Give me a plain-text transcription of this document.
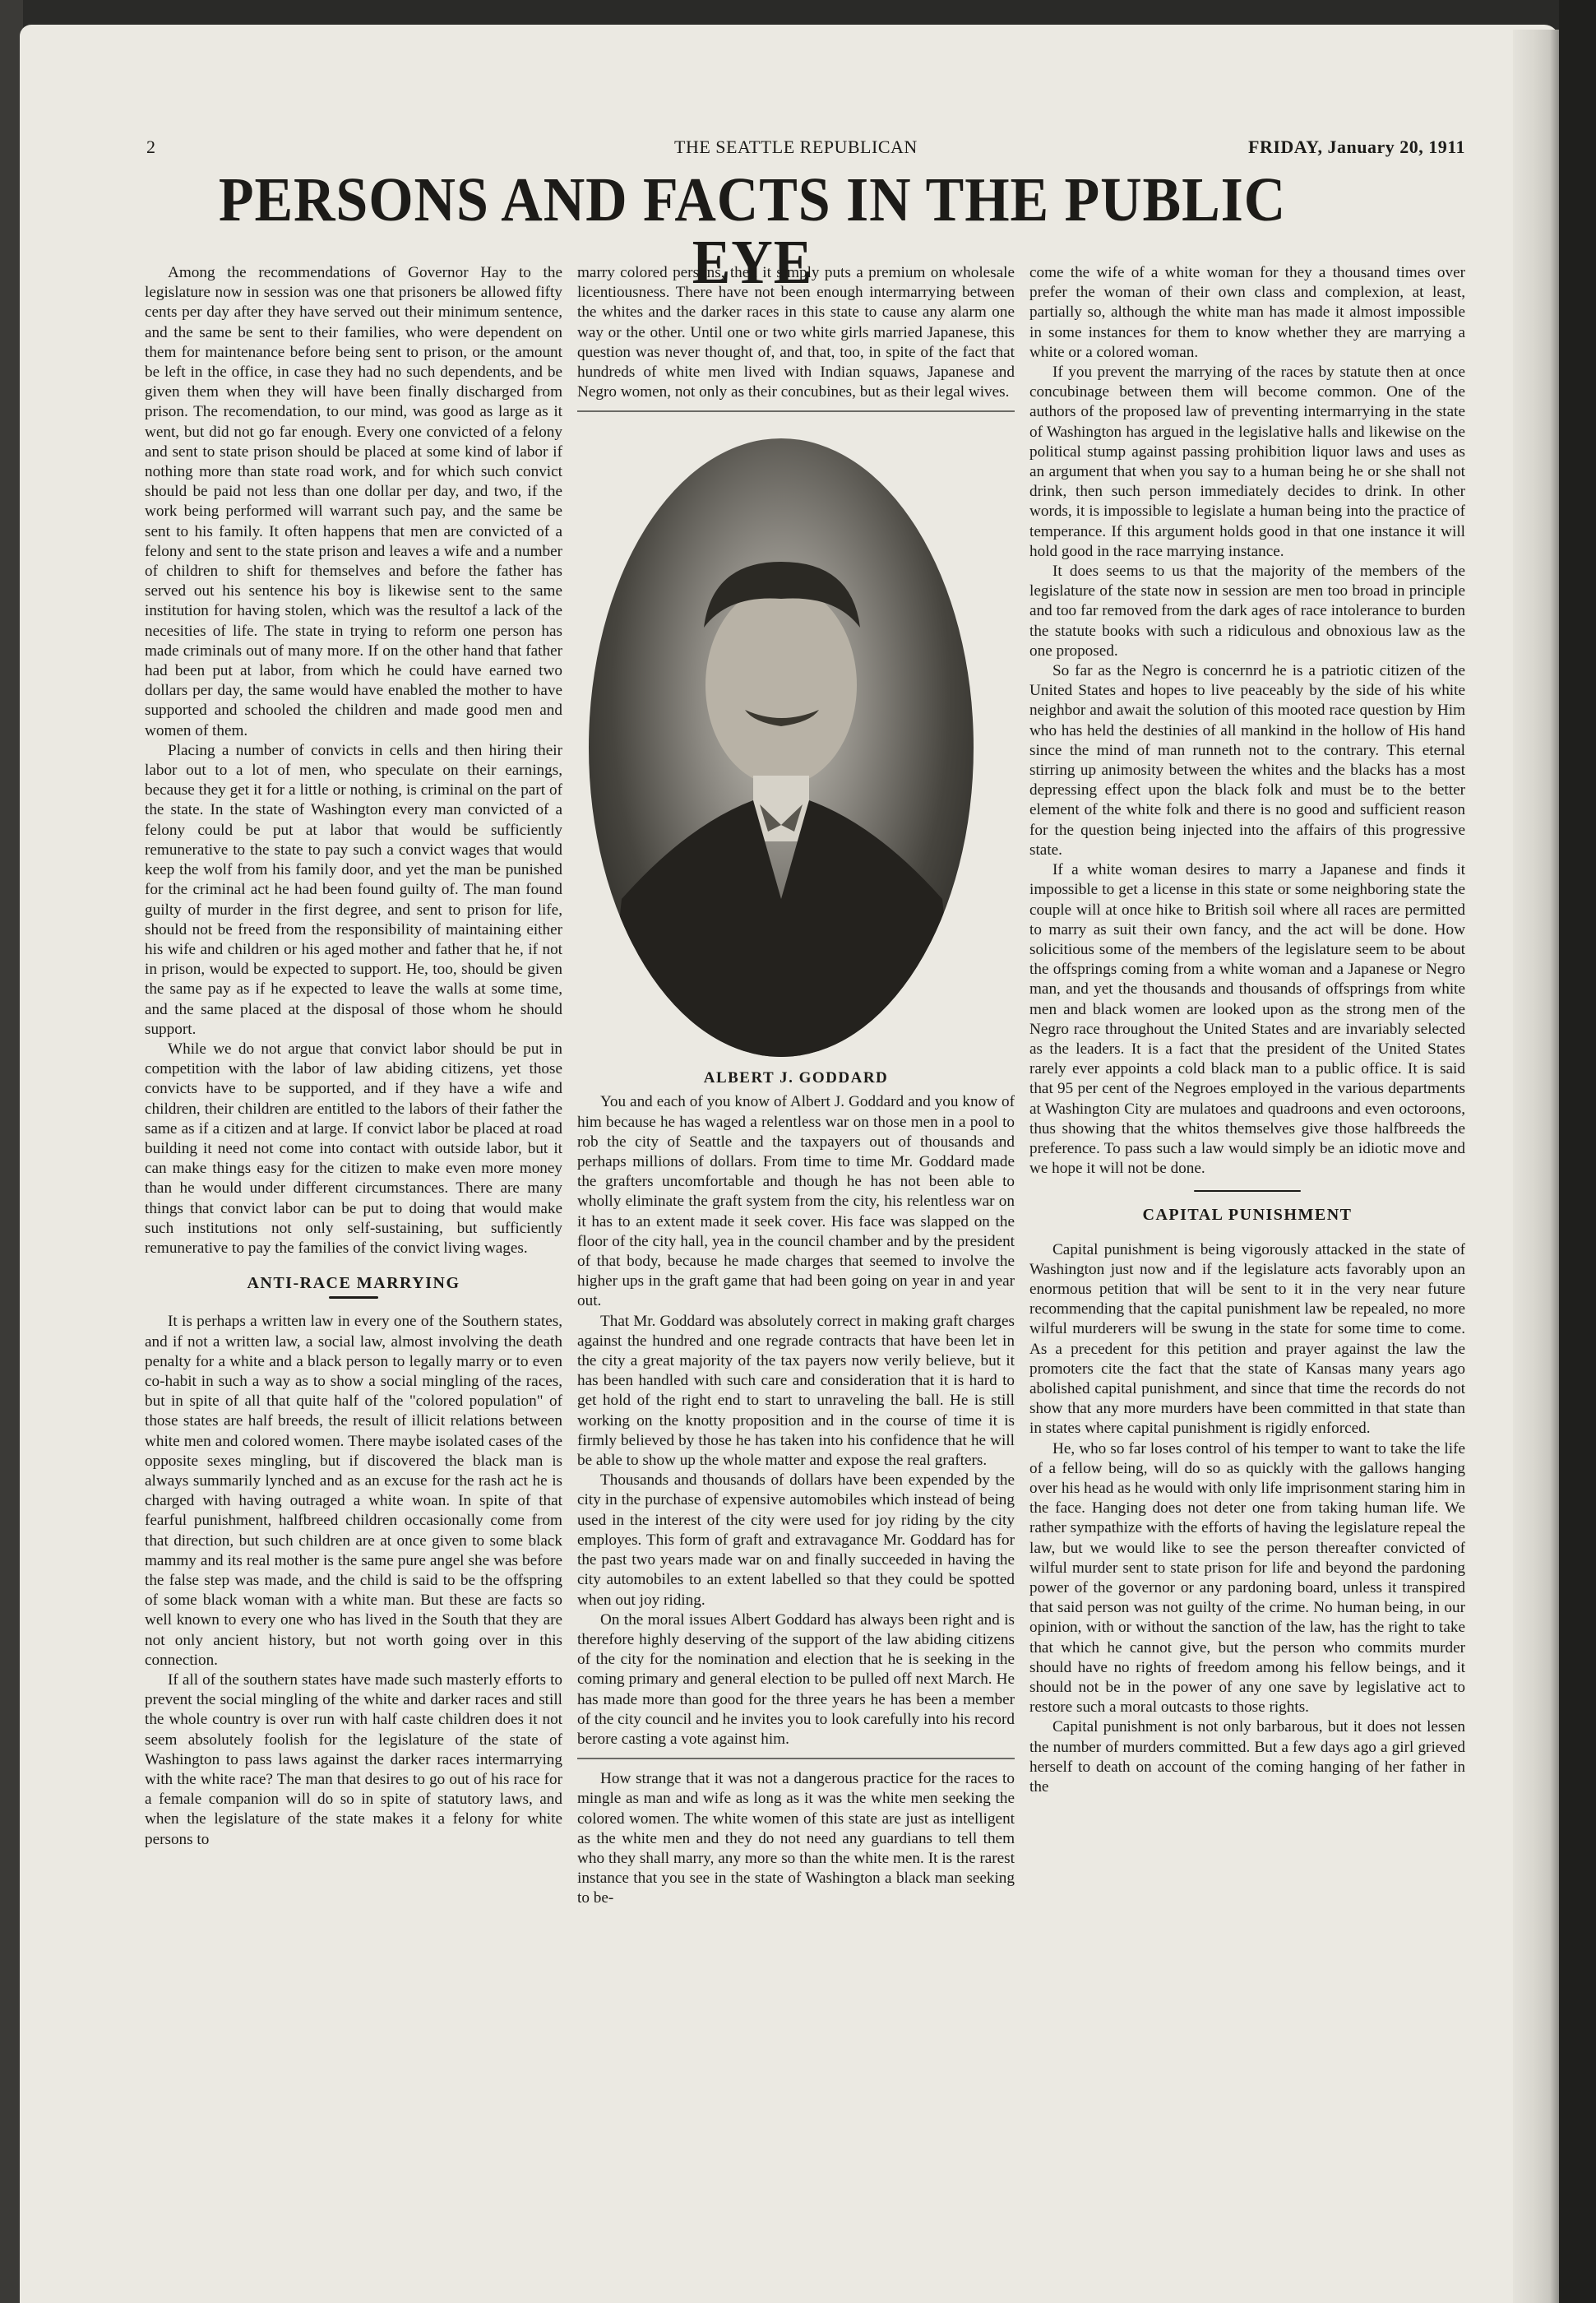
2	THE SEATTLE REPUBLICAN	FRIDAY, January 20, 1911
PERSONS AND FACTS IN THE PUBLIC EYE

Among the recommendations of Governor Hay to the legislature now in session was one that prisoners be allowed fifty cents per day after they have served out their minimum sentence, and the same be sent to their families, who were dependent on them for maintenance before being sent to prison, or the amount be left in the office, in case they had no such dependents, and be given them when they will have been finally discharged from prison. The recomendation, to our mind, was good as large as it went, but did not go far enough. Every one convicted of a felony and sent to state prison should be placed at some kind of labor if nothing more than state road work, and for which such convict should be paid not less than one dollar per day, and two, if the work being performed will warrant such pay, and the same be sent to his family. It often happens that men are convicted of a felony and sent to the state prison and leaves a wife and a number of children to shift for themselves and before the father has served out his sentence his boy is likewise sent to the same institution for having stolen, which was the resultof a lack of the necesities of life. The state in trying to reform one person has made criminals out of many more. If on the other hand that father had been put at labor, from which he could have earned two dollars per day, the same would have enabled the mother to have supported and schooled the children and made good men and women of them.

Placing a number of convicts in cells and then hiring their labor out to a lot of men, who speculate on their earnings, because they get it for a little or nothing, is criminal on the part of the state. In the state of Washington every man convicted of a felony could be put at labor that would be sufficiently remunerative to the state to pay such a convict wages that would keep the wolf from his family door, and yet the man be punished for the criminal act he had been found guilty of. The man found guilty of murder in the first degree, and sent to prison for life, should not be freed from the responsibility of maintaining either his wife and children or his aged mother and father that he, if not in prison, would be expected to support. He, too, should be given the same pay as if he expected to leave the walls at some time, and the same placed at the disposal of those whom he should support.

While we do not argue that convict labor should be put in competition with the labor of law abiding citizens, yet those convicts have to be supported, and if they have a wife and children, their children are entitled to the labors of their father the same as if a citizen and at large. If convict labor be placed at road building it need not come into contact with outside labor, but it can make things easy for the citizen to make even more money than he would under different circumstances. There are many things that convict labor can be put to doing that would make such institutions not only self-sustaining, but sufficiently remunerative to pay the families of the convict living wages.

ANTI-RACE MARRYING

It is perhaps a written law in every one of the Southern states, and if not a written law, a social law, almost involving the death penalty for a white and a black person to legally marry or to even co-habit in such a way as to show a social mingling of the races, but in spite of all that quite half of the "colored population" of those states are half breeds, the result of illicit relations between white men and colored women. There maybe isolated cases of the opposite sexes mingling, but if discovered the black man is always summarily lynched and as an excuse for the rash act he is charged with having outraged a white woan. In spite of that fearful punishment, halfbreed children occasionally come from that direction, but such children are at once given to some black mammy and its real mother is the same pure angel she was before the false step was made, and the child is said to be the offspring of some black woman with a white man. But these are facts so well known to every one who has lived in the South that they are not only ancient history, but not worth going over in this connection.

If all of the southern states have made such masterly efforts to prevent the social mingling of the white and darker races and still the whole country is over run with half caste children does it not seem absolutely foolish for the legislature of the state of Washington to pass laws against the darker races intermarrying with the white race? The man that desires to go out of his race for a female companion will do so in spite of statutory laws, and when the legislature of the state makes it a felony for white persons to

marry colored persons, then it simply puts a premium on wholesale licentiousness. There have not been enough intermarrying between the whites and the darker races in this state to cause any alarm one way or the other. Until one or two white girls married Japanese, this question was never thought of, and that, too, in spite of the fact that hundreds of white men lived with Indian squaws, Japanese and Negro women, not only as their concubines, but as their legal wives.

ALBERT J. GODDARD

You and each of you know of Albert J. Goddard and you know of him because he has waged a relentless war on those men in a pool to rob the city of Seattle and the taxpayers out of thousands and perhaps millions of dollars. From time to time Mr. Goddard made the grafters uncomfortable and though he has not been able to wholly eliminate the graft system from the city, his relentless war on it has to an extent made it seek cover. His face was slapped on the floor of the city hall, yea in the council chamber and by the president of that body, because he made charges that seemed to involve the higher ups in the graft game that had been going on year in and year out.

That Mr. Goddard was absolutely correct in making graft charges against the hundred and one regrade contracts that have been let in the city a great majority of the tax payers now verily believe, but it has been handled with such care and consideration that it is hard to get hold of the right end to start to unraveling the ball. He is still working on the knotty proposition and in the course of time it is firmly believed by those he has taken into his confidence that he will be able to show up the whole matter and expose the real grafters.

Thousands and thousands of dollars have been expended by the city in the purchase of expensive automobiles which instead of being used in the interest of the city were used for joy riding by the city employes. This form of graft and extravagance Mr. Goddard has for the past two years made war on and finally succeeded in having the city automobiles to an extent labelled so that they could be spotted when out joy riding.

On the moral issues Albert Goddard has always been right and is therefore highly deserving of the support of the law abiding citizens of the city for the nomination and election that he is seeking in the coming primary and general election to be pulled off next March. He has made more than good for the three years he has been a member of the city council and he invites you to look carefully into his record berore casting a vote against him.

How strange that it was not a dangerous practice for the races to mingle as man and wife as long as it was the white men seeking the colored women. The white women of this state are just as intelligent as the white men and they do not need any guardians to tell them who they shall marry, any more so than the white men. It is the rarest instance that you see in the state of Washington a black man seeking to be-

come the wife of a white woman for they a thousand times over prefer the woman of their own class and complexion, at least, partially so, although the white man has made it almost impossible in some instances for them to know whether they are marrying a white or a colored woman.

If you prevent the marrying of the races by statute then at once concubinage between them will become common. One of the authors of the proposed law of preventing intermarrying in the state of Washington has argued in the legislative halls and likewise on the political stump against passing prohibition liquor laws and uses as an argument that when you say to a human being he or she shall not drink, then such person immediately decides to drink. In other words, it is impossible to legislate a human being into the practice of temperance. If this argument holds good in that one instance it will hold good in the race marrying instance.

It does seems to us that the majority of the members of the legislature of the state now in session are men too broad in principle and too far removed from the dark ages of race intolerance to burden the statute books with such a ridiculous and obnoxious law as the one proposed.

So far as the Negro is concernrd he is a patriotic citizen of the United States and hopes to live peaceably by the side of his white neighbor and await the solution of this mooted race question by Him who has held the destinies of all mankind in the hollow of His hand since the mind of man runneth not to the contrary. This eternal stirring up animosity between the whites and the blacks has a most depressing effect upon the black folk and must be to the better element of the white folk and there is no good and sufficient reason for the question being injected into the affairs of this progressive state.

If a white woman desires to marry a Japanese and finds it impossible to get a license in this state or some neighboring state the couple will at once hike to British soil where all races are permitted to marry as suit their own fancy, and the act will be done. How solicitious some of the members of the legislature seem to be about the offsprings coming from a white woman and a Japanese or Negro man, and yet the thousands and thousands of offsprings from white men and black women are looked upon as the strong men of the Negro race throughout the United States and are invariably selected as the leaders. It is a fact that the president of the United States rarely ever appoints a cold black man to a public office. It is said that 95 per cent of the Negroes employed in the various departments at Washington City are mulatoes and quadroons and even octoroons, thus showing that the whitos themselves give those halfbreeds the preference. To pass such a law would simply be an idiotic move and we hope it will not be done.

CAPITAL PUNISHMENT

Capital punishment is being vigorously attacked in the state of Washington just now and if the legislature acts favorably upon an enormous petition that will be sent to it in the very near future recommending that the capital punishment law be repealed, no more wilful murderers will be swung in the state for some time to come. As a precedent for this petition and prayer against the law the promoters cite the fact that the state of Kansas many years ago abolished capital punishment, and since that time the records do not show that any more murders have been committed in that state than in states where capital punishment is rigidly enforced.

He, who so far loses control of his temper to want to take the life of a fellow being, will do so as quickly with the gallows hanging over his head as he would with only life imprisonment staring him in the face. Hanging does not deter one from taking human life. We rather sympathize with the efforts of having the legislature repeal the law, but we would like to see the person thereafter convicted of wilful murder sent to state prison for life and beyond the pardoning power of the governor or any pardoning board, unless it transpired that said person was not guilty of the crime. No human being, in our opinion, with or without the sanction of the law, has the right to take that which he cannot give, but the person who commits murder should have no rights of freedom among his fellow beings, and it should not be in the power of any one save by legislative act to restore such a moral outcasts to those rights.

Capital punishment is not only barbarous, but it does not lessen the number of murders committed. But a few days ago a girl grieved herself to death on account of the coming hanging of her father in the
